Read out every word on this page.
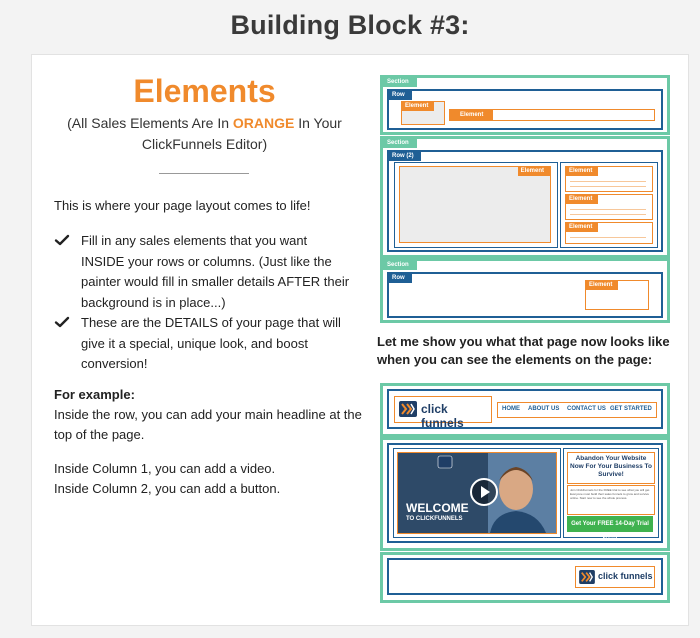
Building Block #3:
Elements
(All Sales Elements Are In ORANGE In Your ClickFunnels Editor)
This is where your page layout comes to life!
Fill in any sales elements that you want INSIDE your rows or columns. (Just like the painter would fill in smaller details AFTER their background is in place...)
These are the DETAILS of your page that will give it a special, unique look, and boost conversion!
For example:
Inside the row, you can add your main headline at the top of the page.
Inside Column 1, you can add a video.
Inside Column 2, you can add a button.
Section
Row
Element
Element
Section
Row (2)
Element	Element
Element
Element
Section
Row
Element
Let me show you what that page now looks like when you can see the elements on the page:
click funnels
HOME ABOUT US CONTACT US GET STARTED
WELCOME
TO CLICKFUNNELS
Abandon Your Website Now For Your Business To Survive!
Join ClickFunnels for the FREE trial to see what you will get. Everyone must build their sales funnels to grow and survive online. Start now to see the whole process.
Get Your FREE 14-Day Trial Now!
click funnels
